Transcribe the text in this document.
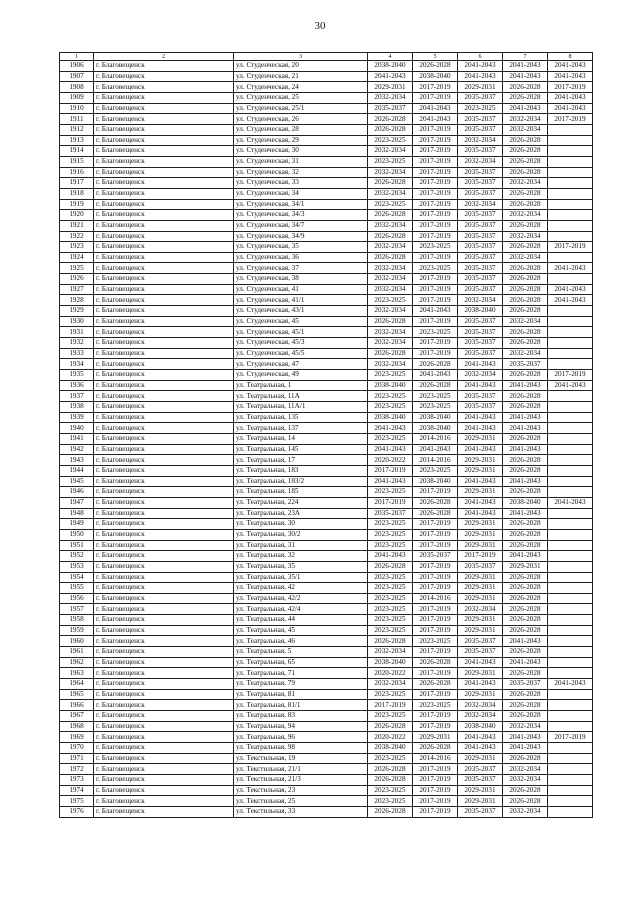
30
1	2	3	4	5	6	7	8
1906	г. Благовещенск	ул. Студенческая, 20	2038-2040	2026-2028	2041-2043	2041-2043	2041-2043
1907	г. Благовещенск	ул. Студенческая, 21	2041-2043	2038-2040	2041-2043	2041-2043	2041-2043
1908	г. Благовещенск	ул. Студенческая, 24	2029-2031	2017-2019	2029-2031	2026-2028	2017-2019
1909	г. Благовещенск	ул. Студенческая, 25	2032-2034	2017-2019	2035-2037	2026-2028	2041-2043
1910	г. Благовещенск	ул. Студенческая, 25/1	2035-2037	2041-2043	2023-2025	2041-2043	2041-2043
1911	г. Благовещенск	ул. Студенческая, 26	2026-2028	2041-2043	2035-2037	2032-2034	2017-2019
1912	г. Благовещенск	ул. Студенческая, 28	2026-2028	2017-2019	2035-2037	2032-2034	
1913	г. Благовещенск	ул. Студенческая, 29	2023-2025	2017-2019	2032-2034	2026-2028	
1914	г. Благовещенск	ул. Студенческая, 30	2032-2034	2017-2019	2035-2037	2026-2028	
1915	г. Благовещенск	ул. Студенческая, 31	2023-2025	2017-2019	2032-2034	2026-2028	
1916	г. Благовещенск	ул. Студенческая, 32	2032-2034	2017-2019	2035-2037	2026-2028	
1917	г. Благовещенск	ул. Студенческая, 33	2026-2028	2017-2019	2035-2037	2032-2034	
1918	г. Благовещенск	ул. Студенческая, 34	2032-2034	2017-2019	2035-2037	2026-2028	
1919	г. Благовещенск	ул. Студенческая, 34/1	2023-2025	2017-2019	2032-2034	2026-2028	
1920	г. Благовещенск	ул. Студенческая, 34/3	2026-2028	2017-2019	2035-2037	2032-2034	
1921	г. Благовещенск	ул. Студенческая, 34/7	2032-2034	2017-2019	2035-2037	2026-2028	
1922	г. Благовещенск	ул. Студенческая, 34/9	2026-2028	2017-2019	2035-2037	2032-2034	
1923	г. Благовещенск	ул. Студенческая, 35	2032-2034	2023-2025	2035-2037	2026-2028	2017-2019
1924	г. Благовещенск	ул. Студенческая, 36	2026-2028	2017-2019	2035-2037	2032-2034	
1925	г. Благовещенск	ул. Студенческая, 37	2032-2034	2023-2025	2035-2037	2026-2028	2041-2043
1926	г. Благовещенск	ул. Студенческая, 38	2032-2034	2017-2019	2035-2037	2026-2028	
1927	г. Благовещенск	ул. Студенческая, 41	2032-2034	2017-2019	2035-2037	2026-2028	2041-2043
1928	г. Благовещенск	ул. Студенческая, 41/1	2023-2025	2017-2019	2032-2034	2026-2028	2041-2043
1929	г. Благовещенск	ул. Студенческая, 43/1	2032-2034	2041-2043	2038-2040	2026-2028	
1930	г. Благовещенск	ул. Студенческая, 45	2026-2028	2017-2019	2035-2037	2032-2034	
1931	г. Благовещенск	ул. Студенческая, 45/1	2032-2034	2023-2025	2035-2037	2026-2028	
1932	г. Благовещенск	ул. Студенческая, 45/3	2032-2034	2017-2019	2035-2037	2026-2028	
1933	г. Благовещенск	ул. Студенческая, 45/5	2026-2028	2017-2019	2035-2037	2032-2034	
1934	г. Благовещенск	ул. Студенческая, 47	2032-2034	2026-2028	2041-2043	2035-2037	
1935	г. Благовещенск	ул. Студенческая, 49	2023-2025	2041-2043	2032-2034	2026-2028	2017-2019
1936	г. Благовещенск	ул. Театральная, 1	2038-2040	2026-2028	2041-2043	2041-2043	2041-2043
1937	г. Благовещенск	ул. Театральная, 11А	2023-2025	2023-2025	2035-2037	2026-2028	
1938	г. Благовещенск	ул. Театральная, 11А/1	2023-2025	2023-2025	2035-2037	2026-2028	
1939	г. Благовещенск	ул. Театральная, 135	2038-2040	2038-2040	2041-2043	2041-2043	
1940	г. Благовещенск	ул. Театральная, 137	2041-2043	2038-2040	2041-2043	2041-2043	
1941	г. Благовещенск	ул. Театральная, 14	2023-2025	2014-2016	2029-2031	2026-2028	
1942	г. Благовещенск	ул. Театральная, 145	2041-2043	2041-2043	2041-2043	2041-2043	
1943	г. Благовещенск	ул. Театральная, 17	2020-2022	2014-2016	2029-2031	2026-2028	
1944	г. Благовещенск	ул. Театральная, 183	2017-2019	2023-2025	2029-2031	2026-2028	
1945	г. Благовещенск	ул. Театральная, 183/2	2041-2043	2038-2040	2041-2043	2041-2043	
1946	г. Благовещенск	ул. Театральная, 185	2023-2025	2017-2019	2029-2031	2026-2028	
1947	г. Благовещенск	ул. Театральная, 224	2017-2019	2026-2028	2041-2043	2038-2040	2041-2043
1948	г. Благовещенск	ул. Театральная, 23А	2035-2037	2026-2028	2041-2043	2041-2043	
1949	г. Благовещенск	ул. Театральная, 30	2023-2025	2017-2019	2029-2031	2026-2028	
1950	г. Благовещенск	ул. Театральная, 30/2	2023-2025	2017-2019	2029-2031	2026-2028	
1951	г. Благовещенск	ул. Театральная, 31	2023-2025	2017-2019	2029-2031	2026-2028	
1952	г. Благовещенск	ул. Театральная, 32	2041-2043	2035-2037	2017-2019	2041-2043	
1953	г. Благовещенск	ул. Театральная, 35	2026-2028	2017-2019	2035-2037	2029-2031	
1954	г. Благовещенск	ул. Театральная, 35/1	2023-2025	2017-2019	2029-2031	2026-2028	
1955	г. Благовещенск	ул. Театральная, 42	2023-2025	2017-2019	2029-2031	2026-2028	
1956	г. Благовещенск	ул. Театральная, 42/2	2023-2025	2014-2016	2029-2031	2026-2028	
1957	г. Благовещенск	ул. Театральная, 42/4	2023-2025	2017-2019	2032-2034	2026-2028	
1958	г. Благовещенск	ул. Театральная, 44	2023-2025	2017-2019	2029-2031	2026-2028	
1959	г. Благовещенск	ул. Театральная, 45	2023-2025	2017-2019	2029-2031	2026-2028	
1960	г. Благовещенск	ул. Театральная, 46	2026-2028	2023-2025	2035-2037	2041-2043	
1961	г. Благовещенск	ул. Театральная, 5	2032-2034	2017-2019	2035-2037	2026-2028	
1962	г. Благовещенск	ул. Театральная, 65	2038-2040	2026-2028	2041-2043	2041-2043	
1963	г. Благовещенск	ул. Театральная, 71	2020-2022	2017-2019	2029-2031	2026-2028	
1964	г. Благовещенск	ул. Театральная, 79	2032-2034	2026-2028	2041-2043	2035-2037	2041-2043
1965	г. Благовещенск	ул. Театральная, 81	2023-2025	2017-2019	2029-2031	2026-2028	
1966	г. Благовещенск	ул. Театральная, 81/1	2017-2019	2023-2025	2032-2034	2026-2028	
1967	г. Благовещенск	ул. Театральная, 83	2023-2025	2017-2019	2032-2034	2026-2028	
1968	г. Благовещенск	ул. Театральная, 94	2026-2028	2017-2019	2038-2040	2032-2034	
1969	г. Благовещенск	ул. Театральная, 96	2020-2022	2029-2031	2041-2043	2041-2043	2017-2019
1970	г. Благовещенск	ул. Театральная, 98	2038-2040	2026-2028	2041-2043	2041-2043	
1971	г. Благовещенск	ул. Текстильная, 19	2023-2025	2014-2016	2029-2031	2026-2028	
1972	г. Благовещенск	ул. Текстильная, 21/1	2026-2028	2017-2019	2035-2037	2032-2034	
1973	г. Благовещенск	ул. Текстильная, 21/3	2026-2028	2017-2019	2035-2037	2032-2034	
1974	г. Благовещенск	ул. Текстильная, 23	2023-2025	2017-2019	2029-2031	2026-2028	
1975	г. Благовещенск	ул. Текстильная, 25	2023-2025	2017-2019	2029-2031	2026-2028	
1976	г. Благовещенск	ул. Текстильная, 33	2026-2028	2017-2019	2035-2037	2032-2034	
